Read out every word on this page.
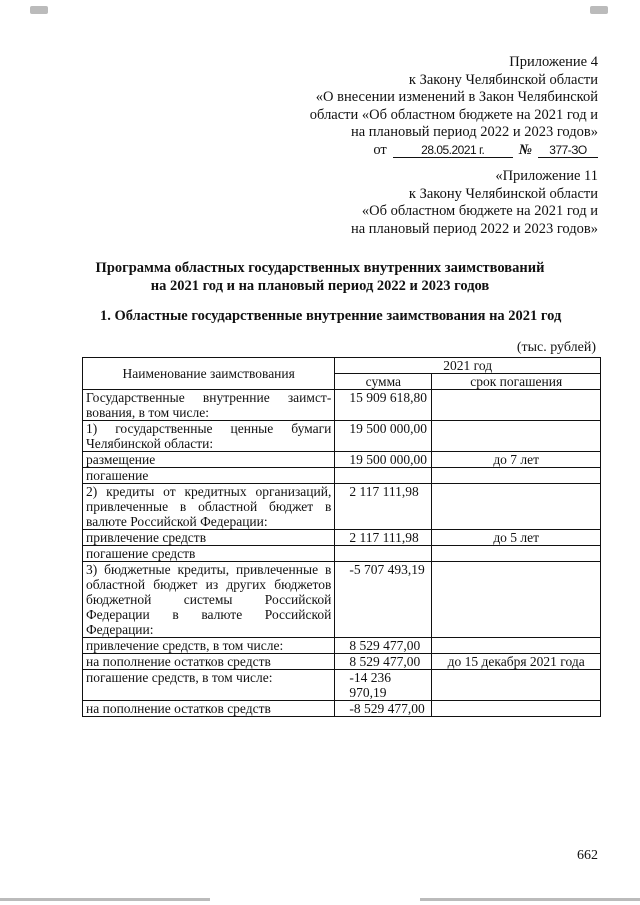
Приложение 4
к Закону Челябинской области
«О внесении изменений в Закон Челябинской
области «Об областном бюджете на 2021 год и
на плановый период 2022 и 2023 годов»
от	28.05.2021 г.	№	377-ЗО
«Приложение 11
к Закону Челябинской области
«Об областном бюджете на 2021 год и
на плановый период 2022 и 2023 годов»
Программа областных государственных внутренних заимствований
на 2021 год и на плановый период 2022 и 2023 годов
1. Областные государственные внутренние заимствования на 2021 год
(тыс. рублей)
Наименование заимствования	2021 год	
	сумма	срок погашения
Государственные внутренние заимст-вования, в том числе:	15 909 618,80	
1) государственные ценные бумаги Челябинской области:	19 500 000,00	
размещение	19 500 000,00	до 7 лет
погашение		
2) кредиты от кредитных организаций, привлеченные в областной бюджет в валюте Российской Федерации:	2 117 111,98	
привлечение средств	2 117 111,98	до 5 лет
погашение средств		
3) бюджетные кредиты, привлеченные в областной бюджет из других бюджетов бюджетной системы Российской Федерации в валюте Российской Федерации:	-5 707 493,19	
привлечение средств, в том числе:	8 529 477,00	
на пополнение остатков средств	8 529 477,00	до 15 декабря 2021 года
погашение средств, в том числе:	-14 236 970,19	
на пополнение остатков средств	-8 529 477,00	
662
